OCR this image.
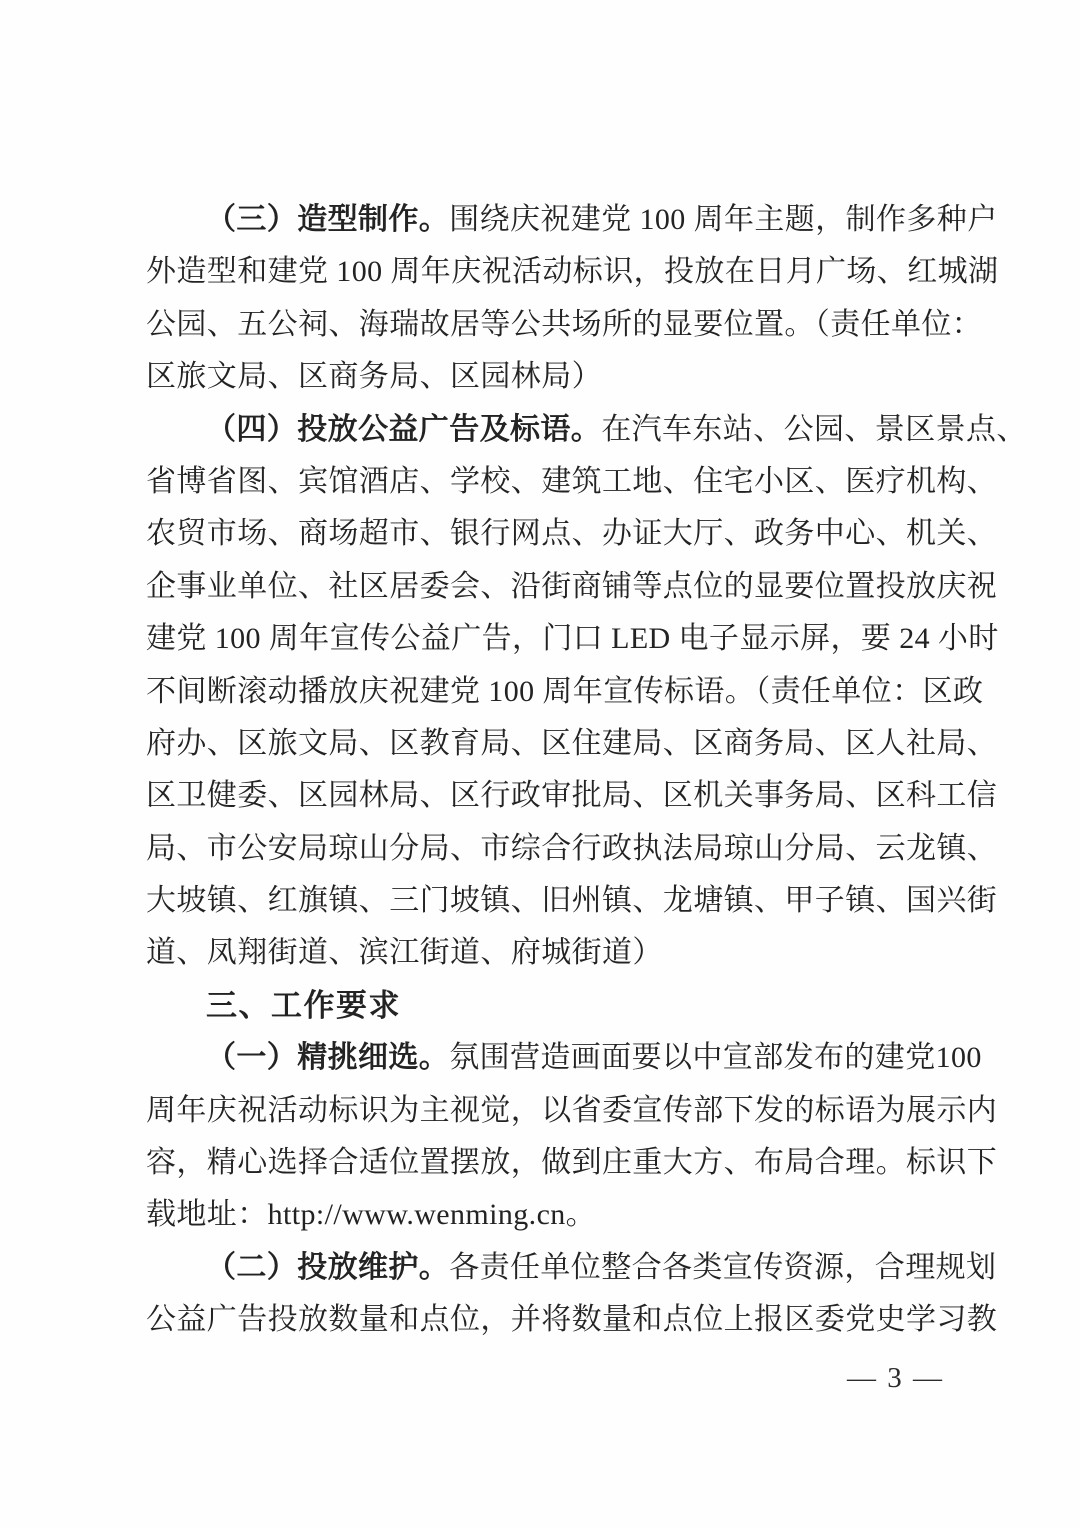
（三）造型制作。围绕庆祝建党 100 周年主题，制作多种户
外造型和建党 100 周年庆祝活动标识，投放在日月广场、红城湖
公园、五公祠、海瑞故居等公共场所的显要位置。（责任单位：
区旅文局、区商务局、区园林局）
（四）投放公益广告及标语。在汽车东站、公园、景区景点、
省博省图、宾馆酒店、学校、建筑工地、住宅小区、医疗机构、
农贸市场、商场超市、银行网点、办证大厅、政务中心、机关、
企事业单位、社区居委会、沿街商铺等点位的显要位置投放庆祝
建党 100 周年宣传公益广告，门口 LED 电子显示屏，要 24 小时
不间断滚动播放庆祝建党 100 周年宣传标语。（责任单位：区政
府办、区旅文局、区教育局、区住建局、区商务局、区人社局、
区卫健委、区园林局、区行政审批局、区机关事务局、区科工信
局、市公安局琼山分局、市综合行政执法局琼山分局、云龙镇、
大坡镇、红旗镇、三门坡镇、旧州镇、龙塘镇、甲子镇、国兴街
道、凤翔街道、滨江街道、府城街道）
三、工作要求
（一）精挑细选。氛围营造画面要以中宣部发布的建党100
周年庆祝活动标识为主视觉，以省委宣传部下发的标语为展示内
容，精心选择合适位置摆放，做到庄重大方、布局合理。标识下
载地址：http://www.wenming.cn。
（二）投放维护。各责任单位整合各类宣传资源，合理规划
公益广告投放数量和点位，并将数量和点位上报区委党史学习教
— 3 —
